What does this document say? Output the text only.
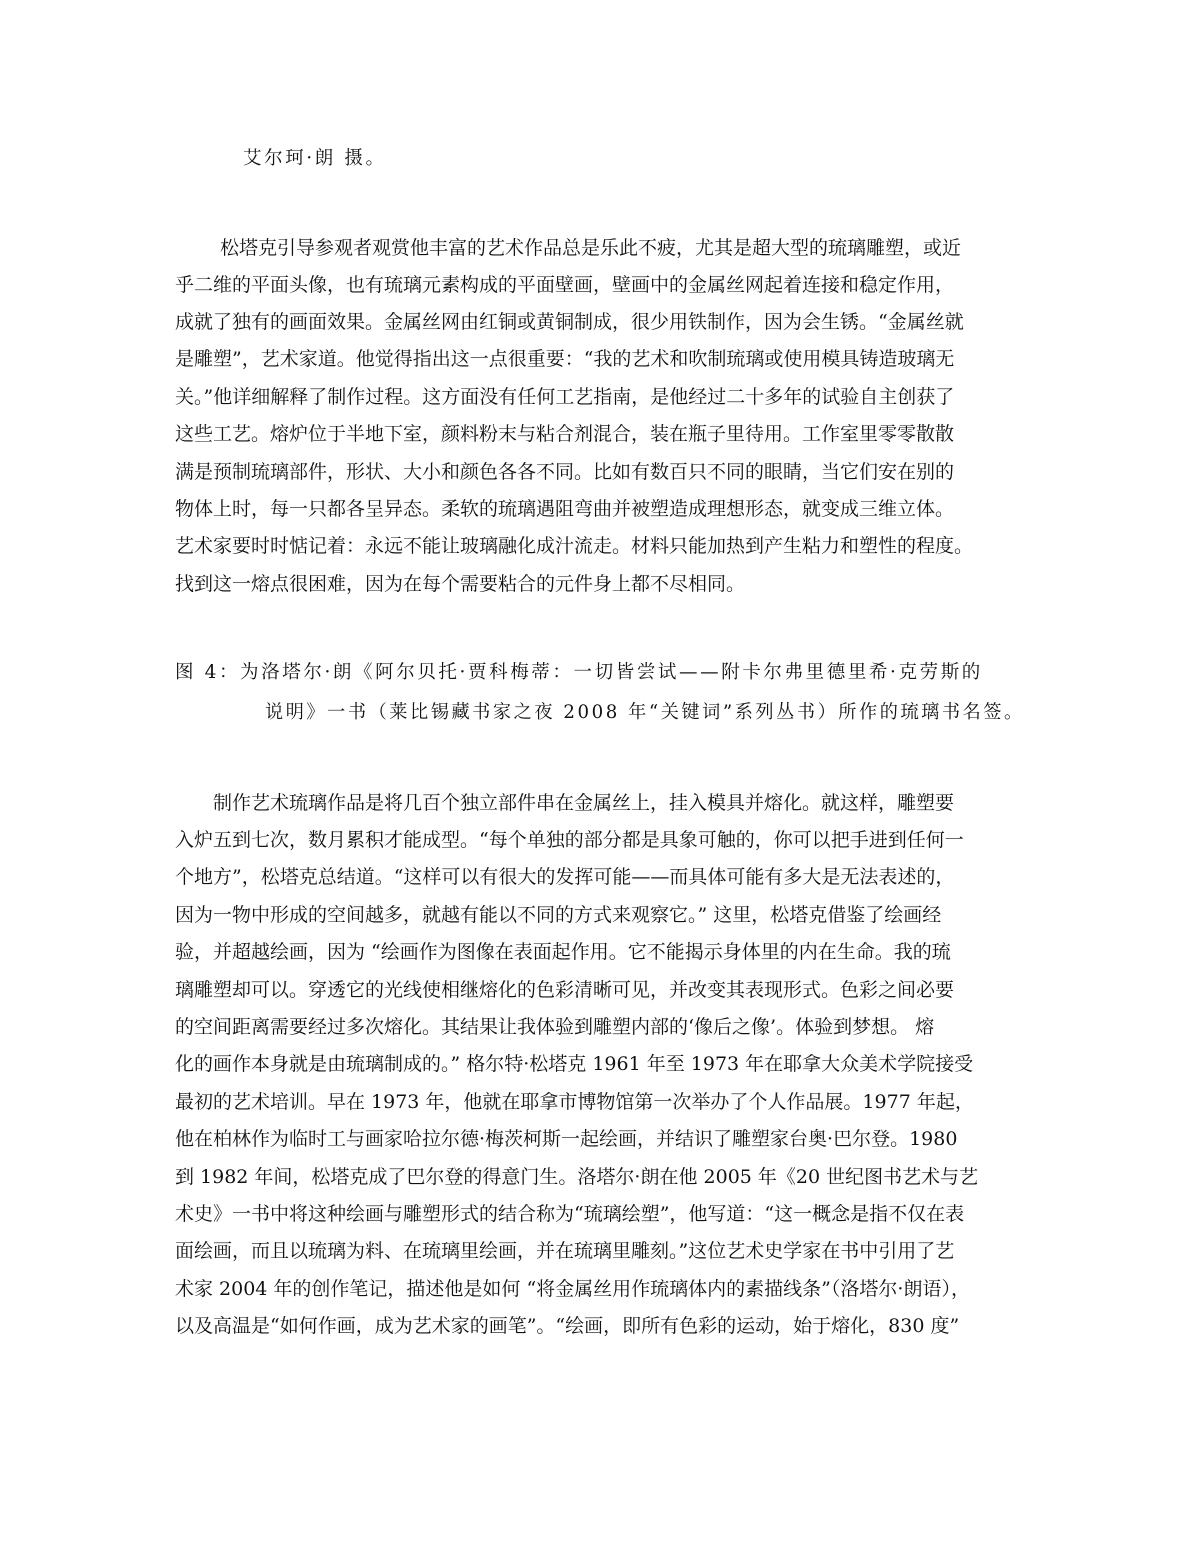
艾尔珂·朗 摄。

松塔克引导参观者观赏他丰富的艺术作品总是乐此不疲，尤其是超大型的琉璃雕塑，或近

乎二维的平面头像，也有琉璃元素构成的平面壁画，壁画中的金属丝网起着连接和稳定作用，

成就了独有的画面效果。金属丝网由红铜或黄铜制成，很少用铁制作，因为会生锈。“金属丝就

是雕塑”，艺术家道。他觉得指出这一点很重要：“我的艺术和吹制琉璃或使用模具铸造玻璃无

关。”他详细解释了制作过程。这方面没有任何工艺指南，是他经过二十多年的试验自主创获了

这些工艺。熔炉位于半地下室，颜料粉末与粘合剂混合，装在瓶子里待用。工作室里零零散散

满是预制琉璃部件，形状、大小和颜色各各不同。比如有数百只不同的眼睛，当它们安在别的

物体上时，每一只都各呈异态。柔软的琉璃遇阻弯曲并被塑造成理想形态，就变成三维立体。

艺术家要时时惦记着：永远不能让玻璃融化成汁流走。材料只能加热到产生粘力和塑性的程度。

找到这一熔点很困难，因为在每个需要粘合的元件身上都不尽相同。

图 4：为洛塔尔·朗《阿尔贝托·贾科梅蒂：一切皆尝试——附卡尔弗里德里希·克劳斯的

说明》一书（莱比锡藏书家之夜 2008 年“关键词”系列丛书）所作的琉璃书名签。

制作艺术琉璃作品是将几百个独立部件串在金属丝上，挂入模具并熔化。就这样，雕塑要

入炉五到七次，数月累积才能成型。“每个单独的部分都是具象可触的，你可以把手进到任何一

个地方”，松塔克总结道。“这样可以有很大的发挥可能——而具体可能有多大是无法表述的，

因为一物中形成的空间越多，就越有能以不同的方式来观察它。” 这里，松塔克借鉴了绘画经

验，并超越绘画，因为 “绘画作为图像在表面起作用。它不能揭示身体里的内在生命。我的琉

璃雕塑却可以。穿透它的光线使相继熔化的色彩清晰可见，并改变其表现形式。色彩之间必要

的空间距离需要经过多次熔化。其结果让我体验到雕塑内部的‘像后之像’。体验到梦想。 熔

化的画作本身就是由琉璃制成的。” 格尔特·松塔克 1961 年至 1973 年在耶拿大众美术学院接受

最初的艺术培训。早在 1973 年，他就在耶拿市博物馆第一次举办了个人作品展。1977 年起，

他在柏林作为临时工与画家哈拉尔德·梅茨柯斯一起绘画，并结识了雕塑家台奥·巴尔登。1980

到 1982 年间，松塔克成了巴尔登的得意门生。洛塔尔·朗在他 2005 年《20 世纪图书艺术与艺

术史》一书中将这种绘画与雕塑形式的结合称为“琉璃绘塑”，他写道：“这一概念是指不仅在表

面绘画，而且以琉璃为料、在琉璃里绘画，并在琉璃里雕刻。”这位艺术史学家在书中引用了艺

术家 2004 年的创作笔记，描述他是如何 “将金属丝用作琉璃体内的素描线条”（洛塔尔·朗语），

以及高温是“如何作画，成为艺术家的画笔”。“绘画，即所有色彩的运动，始于熔化，830 度”
